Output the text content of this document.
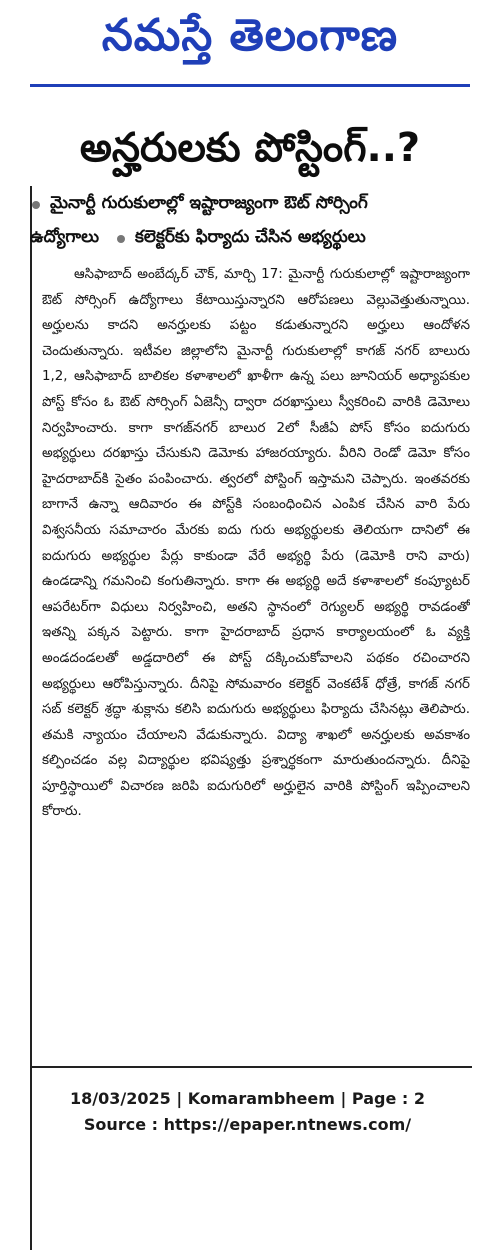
నమస్తే తెలంగాణ
అన్హరులకు పోస్టింగ్..?
మైనార్టీ గురుకులాల్లో ఇష్టారాజ్యంగా ఔట్ సోర్సింగ్
ఉద్యోగాలు కలెక్టర్‌కు ఫిర్యాదు చేసిన అభ్యర్థులు

ఆసిఫాబాద్ అంబేద్కర్ చౌక్, మార్చి 17: మైనార్టీ గురుకులాల్లో ఇష్టారాజ్యంగా ఔట్ సోర్సింగ్ ఉద్యోగాలు కేటాయిస్తున్నారని ఆరోపణలు వెల్లువెత్తుతున్నాయి. అర్హులను కాదని అనర్హులకు పట్టం కడుతున్నారని అర్హులు ఆందోళన చెందుతున్నారు. ఇటీవల జిల్లాలోని మైనార్టీ గురుకులాల్లో కాగజ్ నగర్ బాలురు 1,2, ఆసిఫాబాద్ బాలికల కళాశాలలో ఖాళీగా ఉన్న పలు జూనియర్ అధ్యాపకుల పోస్ట్ కోసం ఓ ఔట్ సోర్సింగ్ ఏజెన్సీ ద్వారా దరఖాస్తులు స్వీకరించి వారికి డెమోలు నిర్వహించారు. కాగా కాగజ్‌నగర్ బాలుర 2లో సీజీఏ పోస్ కోసం ఐదుగురు అభ్యర్థులు దరఖాస్తు చేసుకుని డెమోకు హాజరయ్యారు. వీరిని రెండో డెమో కోసం హైదరాబాద్‌కి సైతం పంపించారు. త్వరలో పోస్టింగ్ ఇస్తామని చెప్పారు. ఇంతవరకు బాగానే ఉన్నా ఆదివారం ఈ పోస్ట్‌కి సంబంధించిన ఎంపిక చేసిన వారి పేరు విశ్వసనీయ సమాచారం మేరకు ఐదు గురు అభ్యర్థులకు తెలియగా దానిలో ఈ ఐదుగురు అభ్యర్థుల పేర్లు కాకుండా వేరే అభ్యర్థి పేరు (డెమోకి రాని వారు) ఉండడాన్ని గమనించి కంగుతిన్నారు. కాగా ఈ అభ్యర్థి అదే కళాశాలలో కంప్యూటర్ ఆపరేటర్‌గా విధులు నిర్వహించి, అతని స్థానంలో రెగ్యులర్ అభ్యర్థి రావడంతో ఇతన్ని పక్కన పెట్టారు. కాగా హైదరాబాద్ ప్రధాన కార్యాలయంలో ఓ వ్యక్తి అండదండలతో అడ్డదారిలో ఈ పోస్ట్ దక్కించుకోవాలని పథకం రచించారని అభ్యర్థులు ఆరోపిస్తున్నారు. దీనిపై సోమవారం కలెక్టర్ వెంకటేశ్ ధోత్రే, కాగజ్ నగర్ సబ్ కలెక్టర్ శ్రద్ధా శుక్లాను కలిసి ఐదుగురు అభ్యర్థులు ఫిర్యాదు చేసినట్లు తెలిపారు. తమకి న్యాయం చేయాలని వేడుకున్నారు. విద్యా శాఖలో అనర్హులకు అవకాశం కల్పించడం వల్ల విద్యార్థుల భవిష్యత్తు ప్రశ్నార్థకంగా మారుతుందన్నారు. దీనిపై పూర్తిస్థాయిలో విచారణ జరిపి ఐదుగురిలో అర్హులైన వారికి పోస్టింగ్ ఇప్పించాలని కోరారు.

18/03/2025 | Komarambheem | Page : 2
Source : https://epaper.ntnews.com/
